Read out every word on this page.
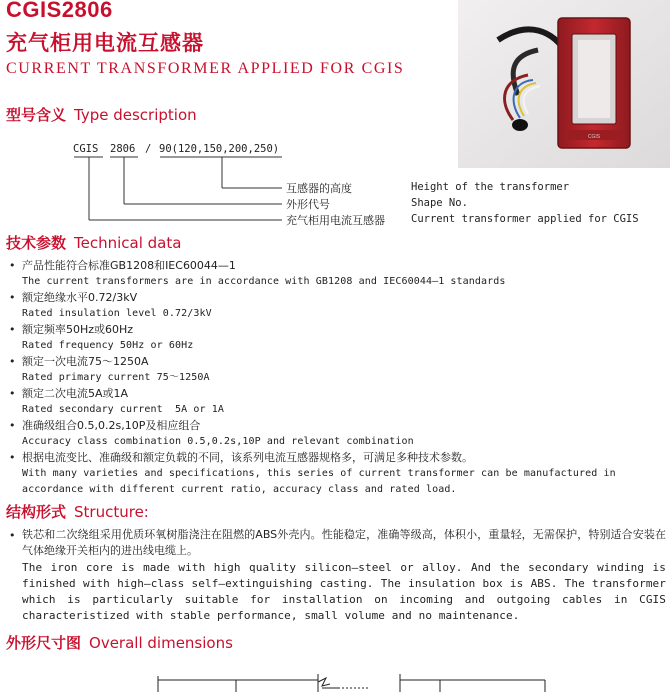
CGIS2806
充气柜用电流互感器
CURRENT TRANSFORMER APPLIED FOR CGIS
CGIS
型号含义 Type description
CGIS 2806 / 90(120,150,200,250)
互感器的高度	Height of the transformer
外形代号	Shape No.
充气柜用电流互感器 Current transformer applied for CGIS
技术参数 Technical data
• 产品性能符合标准GB1208和IEC60044—1
The current transformers are in accordance with GB1208 and IEC60044—1 standards
• 额定绝缘水平0.72/3kV
Rated insulation level 0.72/3kV
• 额定频率50Hz或60Hz
Rated frequency 50Hz or 60Hz
• 额定一次电流75～1250A
Rated primary current 75～1250A
• 额定二次电流5A或1A
Rated secondary current  5A or 1A
• 准确级组合0.5,0.2s,10P及相应组合
Accuracy class combination 0.5,0.2s,10P and relevant combination
• 根据电流变比、准确级和额定负载的不同，该系列电流互感器规格多，可满足多种技术参数。
With many varieties and specifications, this series of current transformer can be manufactured in
accordance with different current ratio, accuracy class and rated load.
结构形式 Structure:
• 铁芯和二次绕组采用优质环氧树脂浇注在阻燃的ABS外壳内。性能稳定，准确等级高，体积小，重量轻，无需保护，特别适合安装在气体绝缘开关柜内的进出线电缆上。
The iron core is made with high quality silicon—steel or alloy. And the secondary winding is finished with high—class self—extinguishing casting. The insulation box is ABS. The transformer which is particularly suitable for installation on incoming and outgoing cables in CGIS characteristized with stable performance, small volume and no maintenance.
外形尺寸图 Overall dimensions
